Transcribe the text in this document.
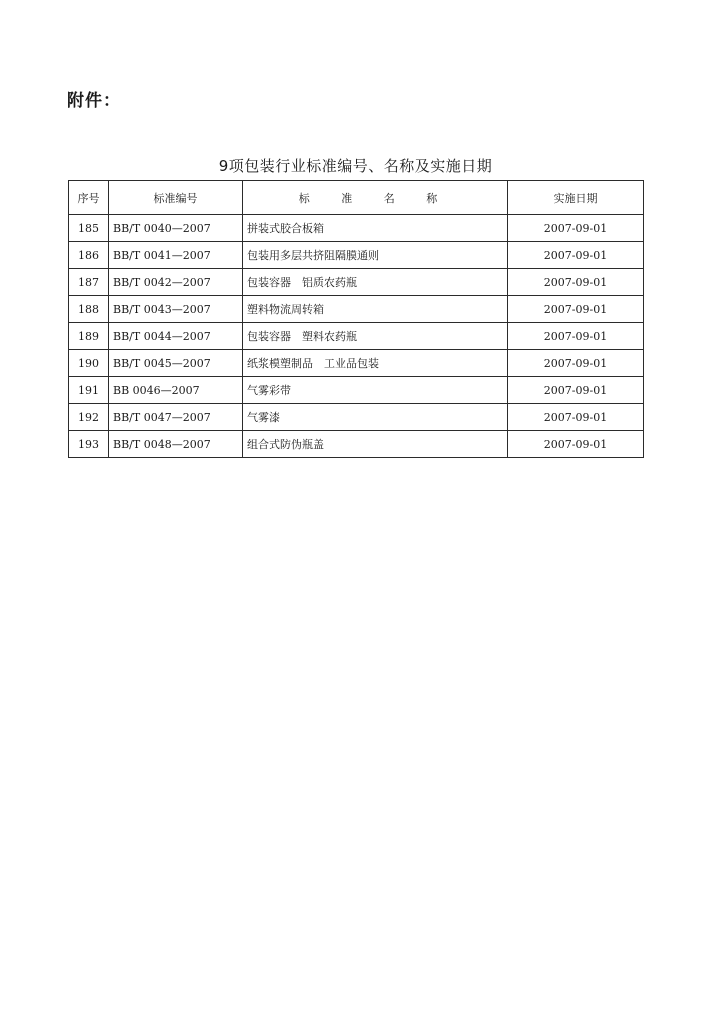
附件：
9项包装行业标准编号、名称及实施日期
序号	标准编号	标 准 名 称	实施日期
185	BB/T 0040—2007	拼装式胶合板箱	2007-09-01
186	BB/T 0041—2007	包装用多层共挤阻隔膜通则	2007-09-01
187	BB/T 0042—2007	包装容器　铝质农药瓶	2007-09-01
188	BB/T 0043—2007	塑料物流周转箱	2007-09-01
189	BB/T 0044—2007	包装容器　塑料农药瓶	2007-09-01
190	BB/T 0045—2007	纸浆模塑制品　工业品包装	2007-09-01
191	BB 0046—2007	气雾彩带	2007-09-01
192	BB/T 0047—2007	气雾漆	2007-09-01
193	BB/T 0048—2007	组合式防伪瓶盖	2007-09-01
